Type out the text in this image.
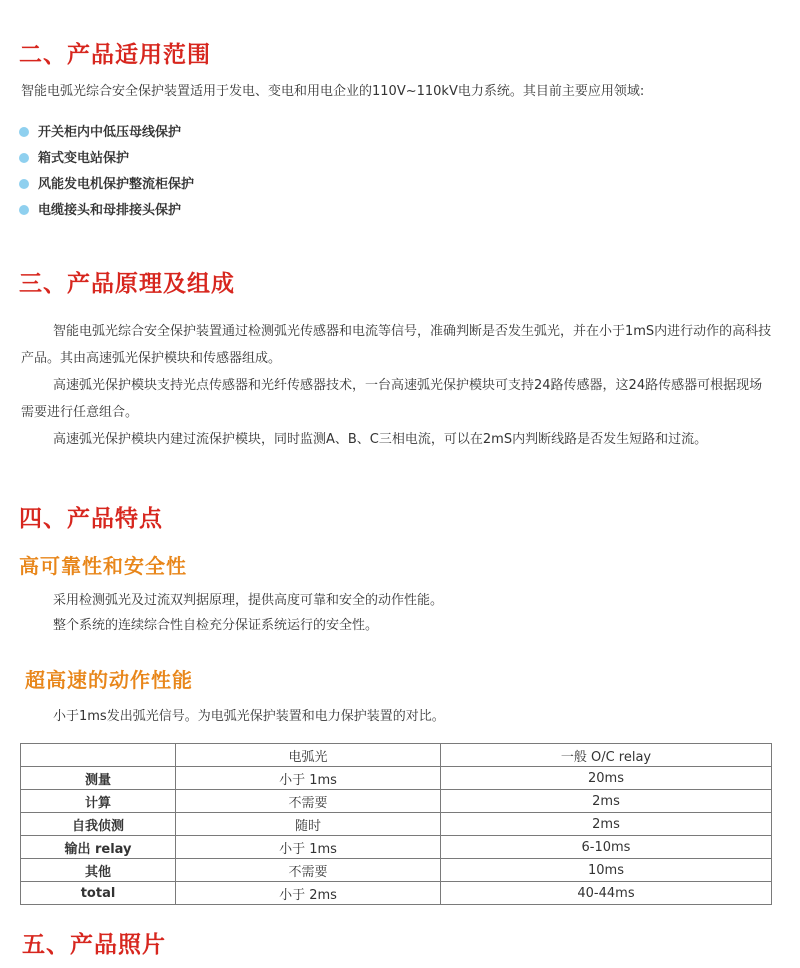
二、产品适用范围
智能电弧光综合安全保护装置适用于发电、变电和用电企业的110V~110kV电力系统。其目前主要应用领域:
开关柜内中低压母线保护
箱式变电站保护
风能发电机保护整流柜保护
电缆接头和母排接头保护
三、产品原理及组成

智能电弧光综合安全保护装置通过检测弧光传感器和电流等信号，准确判断是否发生弧光，并在小于1mS内进行动作的高科技产品。其由高速弧光保护模块和传感器组成。

高速弧光保护模块支持光点传感器和光纤传感器技术，一台高速弧光保护模块可支持24路传感器，这24路传感器可根据现场需要进行任意组合。

高速弧光保护模块内建过流保护模块，同时监测A、B、C三相电流，可以在2mS内判断线路是否发生短路和过流。

四、产品特点
高可靠性和安全性
采用检测弧光及过流双判据原理，提供高度可靠和安全的动作性能。
整个系统的连续综合性自检充分保证系统运行的安全性。
超高速的动作性能
小于1ms发出弧光信号。为电弧光保护装置和电力保护装置的对比。
	电弧光	一般 O/C relay
测量	小于 1ms	20ms
计算	不需要	2ms
自我侦测	随时	2ms
输出 relay	小于 1ms	6-10ms
其他	不需要	10ms
total	小于 2ms	40-44ms
五、产品照片
